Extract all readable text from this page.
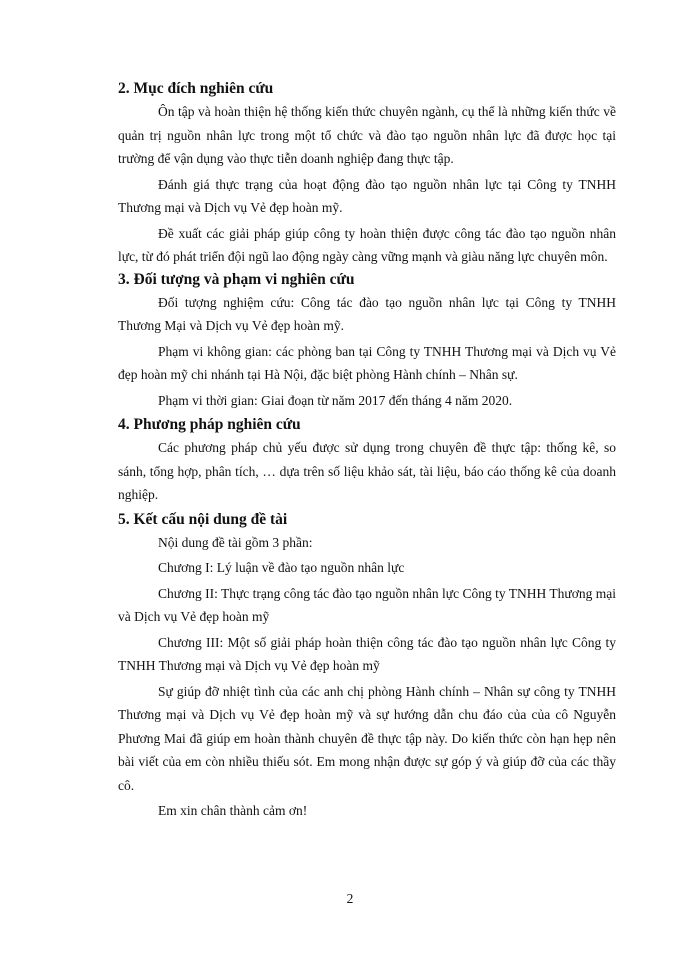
2. Mục đích nghiên cứu

Ôn tập và hoàn thiện hệ thống kiến thức chuyên ngành, cụ thể là những kiến thức về quản trị nguồn nhân lực trong một tổ chức và đào tạo nguồn nhân lực đã được học tại trường để vận dụng vào thực tiễn doanh nghiệp đang thực tập.

Đánh giá thực trạng của hoạt động đào tạo nguồn nhân lực tại Công ty TNHH Thương mại và Dịch vụ Vẻ đẹp hoàn mỹ.

Đề xuất các giải pháp giúp công ty hoàn thiện được công tác đào tạo nguồn nhân lực, từ đó phát triển đội ngũ lao động ngày càng vững mạnh và giàu năng lực chuyên môn.

3. Đối tượng và phạm vi nghiên cứu

Đối tượng nghiệm cứu: Công tác đào tạo nguồn nhân lực tại Công ty TNHH Thương Mại và Dịch vụ Vẻ đẹp hoàn mỹ.

Phạm vi không gian: các phòng ban tại Công ty TNHH Thương mại và Dịch vụ Vẻ đẹp hoàn mỹ chi nhánh tại Hà Nội, đặc biệt phòng Hành chính – Nhân sự.

Phạm vi thời gian: Giai đoạn từ năm 2017 đến tháng 4 năm 2020.

4. Phương pháp nghiên cứu

Các phương pháp chủ yếu được sử dụng trong chuyên đề thực tập: thống kê, so sánh, tổng hợp, phân tích, … dựa trên số liệu khảo sát, tài liệu, báo cáo thống kê của doanh nghiệp.

5. Kết cấu nội dung đề tài

Nội dung đề tài gồm 3 phần:

Chương I: Lý luận về đào tạo nguồn nhân lực

Chương II: Thực trạng công tác đào tạo nguồn nhân lực Công ty TNHH Thương mại và Dịch vụ Vẻ đẹp hoàn mỹ

Chương III: Một số giải pháp hoàn thiện công tác đào tạo nguồn nhân lực Công ty TNHH Thương mại và Dịch vụ Vẻ đẹp hoàn mỹ

Sự giúp đỡ nhiệt tình của các anh chị phòng Hành chính – Nhân sự công ty TNHH Thương mại và Dịch vụ Vẻ đẹp hoàn mỹ và sự hướng dẫn chu đáo của của cô Nguyễn Phương Mai đã giúp em hoàn thành chuyên đề thực tập này. Do kiến thức còn hạn hẹp nên bài viết của em còn nhiều thiếu sót. Em mong nhận được sự góp ý và giúp đỡ của các thầy cô.

Em xin chân thành cảm ơn!

2
